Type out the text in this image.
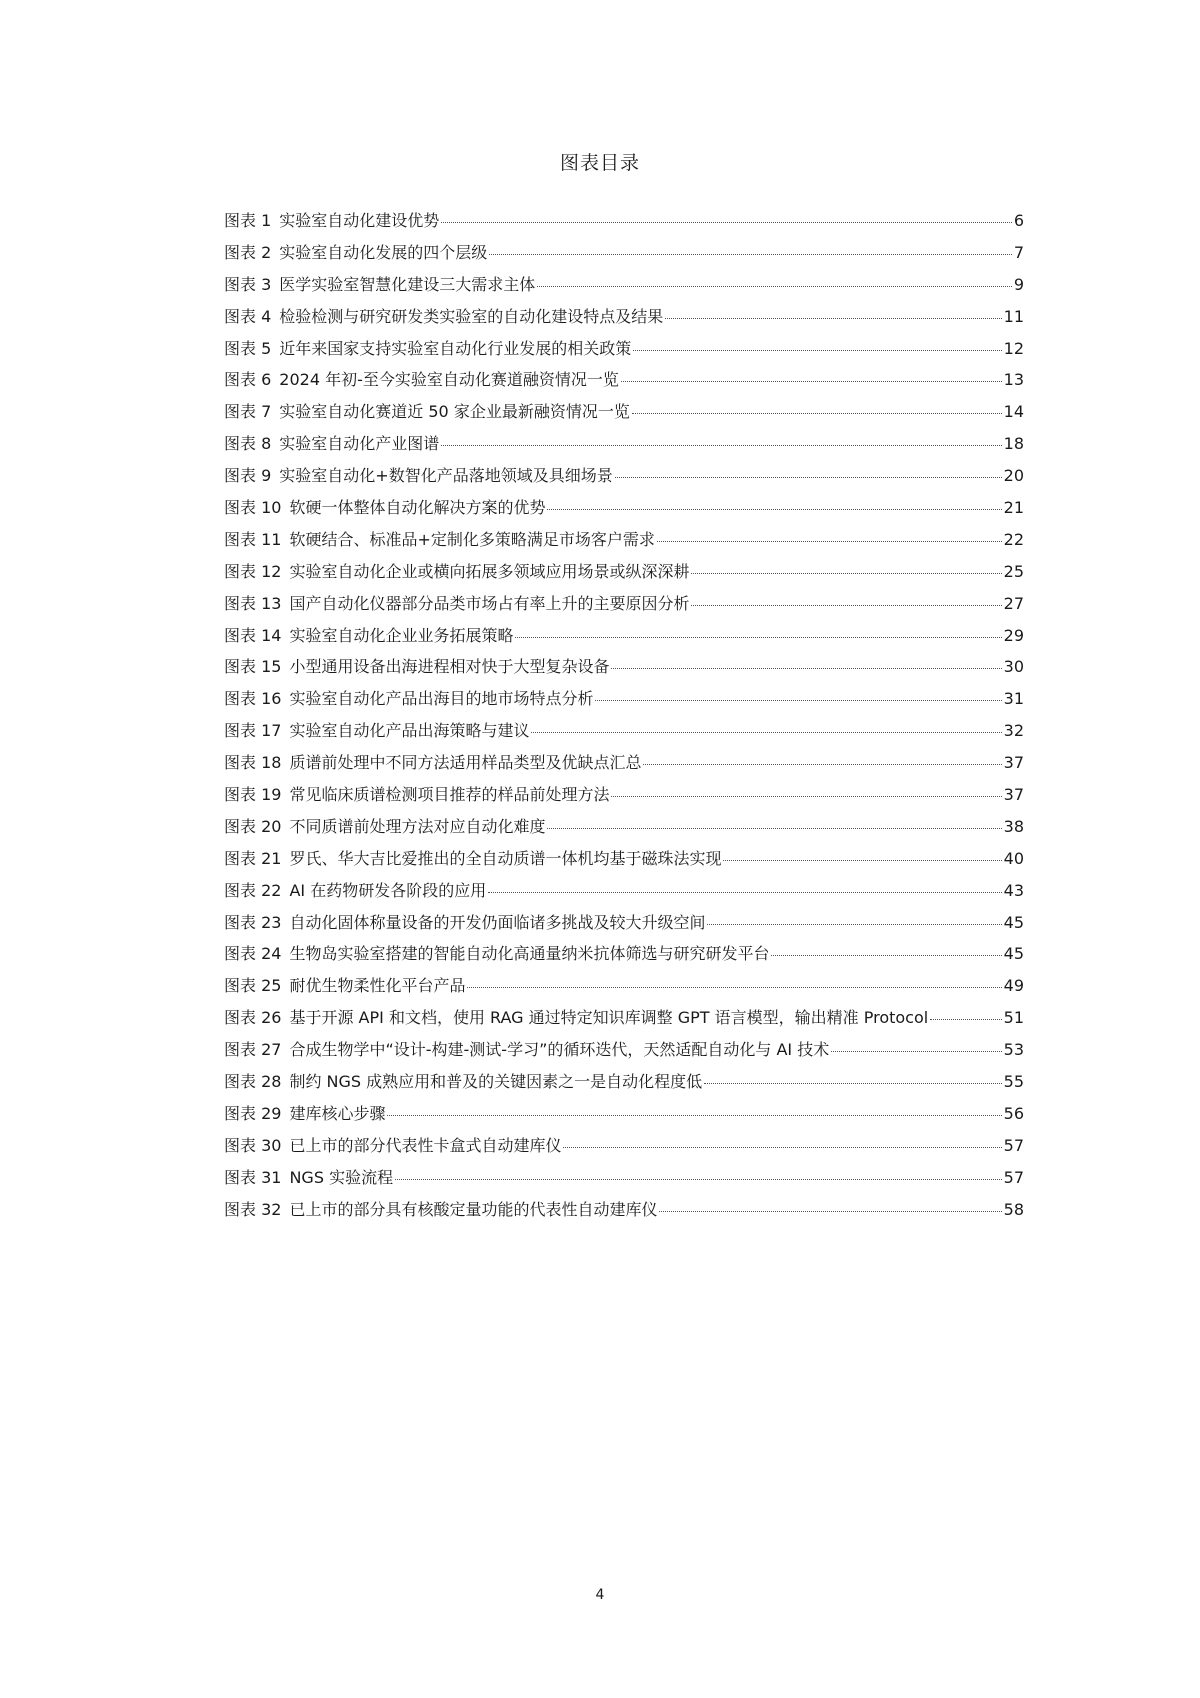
图表目录
图表 1 实验室自动化建设优势	6
图表 2 实验室自动化发展的四个层级	7
图表 3 医学实验室智慧化建设三大需求主体	9
图表 4 检验检测与研究研发类实验室的自动化建设特点及结果	11
图表 5 近年来国家支持实验室自动化行业发展的相关政策	12
图表 6 2024 年初-至今实验室自动化赛道融资情况一览	13
图表 7 实验室自动化赛道近 50 家企业最新融资情况一览	14
图表 8 实验室自动化产业图谱	18
图表 9 实验室自动化+数智化产品落地领域及具细场景	20
图表 10 软硬一体整体自动化解决方案的优势	21
图表 11 软硬结合、标准品+定制化多策略满足市场客户需求	22
图表 12 实验室自动化企业或横向拓展多领域应用场景或纵深深耕	25
图表 13 国产自动化仪器部分品类市场占有率上升的主要原因分析	27
图表 14 实验室自动化企业业务拓展策略	29
图表 15 小型通用设备出海进程相对快于大型复杂设备	30
图表 16 实验室自动化产品出海目的地市场特点分析	31
图表 17 实验室自动化产品出海策略与建议	32
图表 18 质谱前处理中不同方法适用样品类型及优缺点汇总	37
图表 19 常见临床质谱检测项目推荐的样品前处理方法	37
图表 20 不同质谱前处理方法对应自动化难度	38
图表 21 罗氏、华大吉比爱推出的全自动质谱一体机均基于磁珠法实现	40
图表 22 AI 在药物研发各阶段的应用	43
图表 23 自动化固体称量设备的开发仍面临诸多挑战及较大升级空间	45
图表 24 生物岛实验室搭建的智能自动化高通量纳米抗体筛选与研究研发平台	45
图表 25 耐优生物柔性化平台产品	49
图表 26 基于开源 API 和文档，使用 RAG 通过特定知识库调整 GPT 语言模型，输出精准 Protocol	51
图表 27 合成生物学中“设计-构建-测试-学习”的循环迭代，天然适配自动化与 AI 技术	53
图表 28 制约 NGS 成熟应用和普及的关键因素之一是自动化程度低	55
图表 29 建库核心步骤	56
图表 30 已上市的部分代表性卡盒式自动建库仪	57
图表 31 NGS 实验流程	57
图表 32 已上市的部分具有核酸定量功能的代表性自动建库仪	58
4
